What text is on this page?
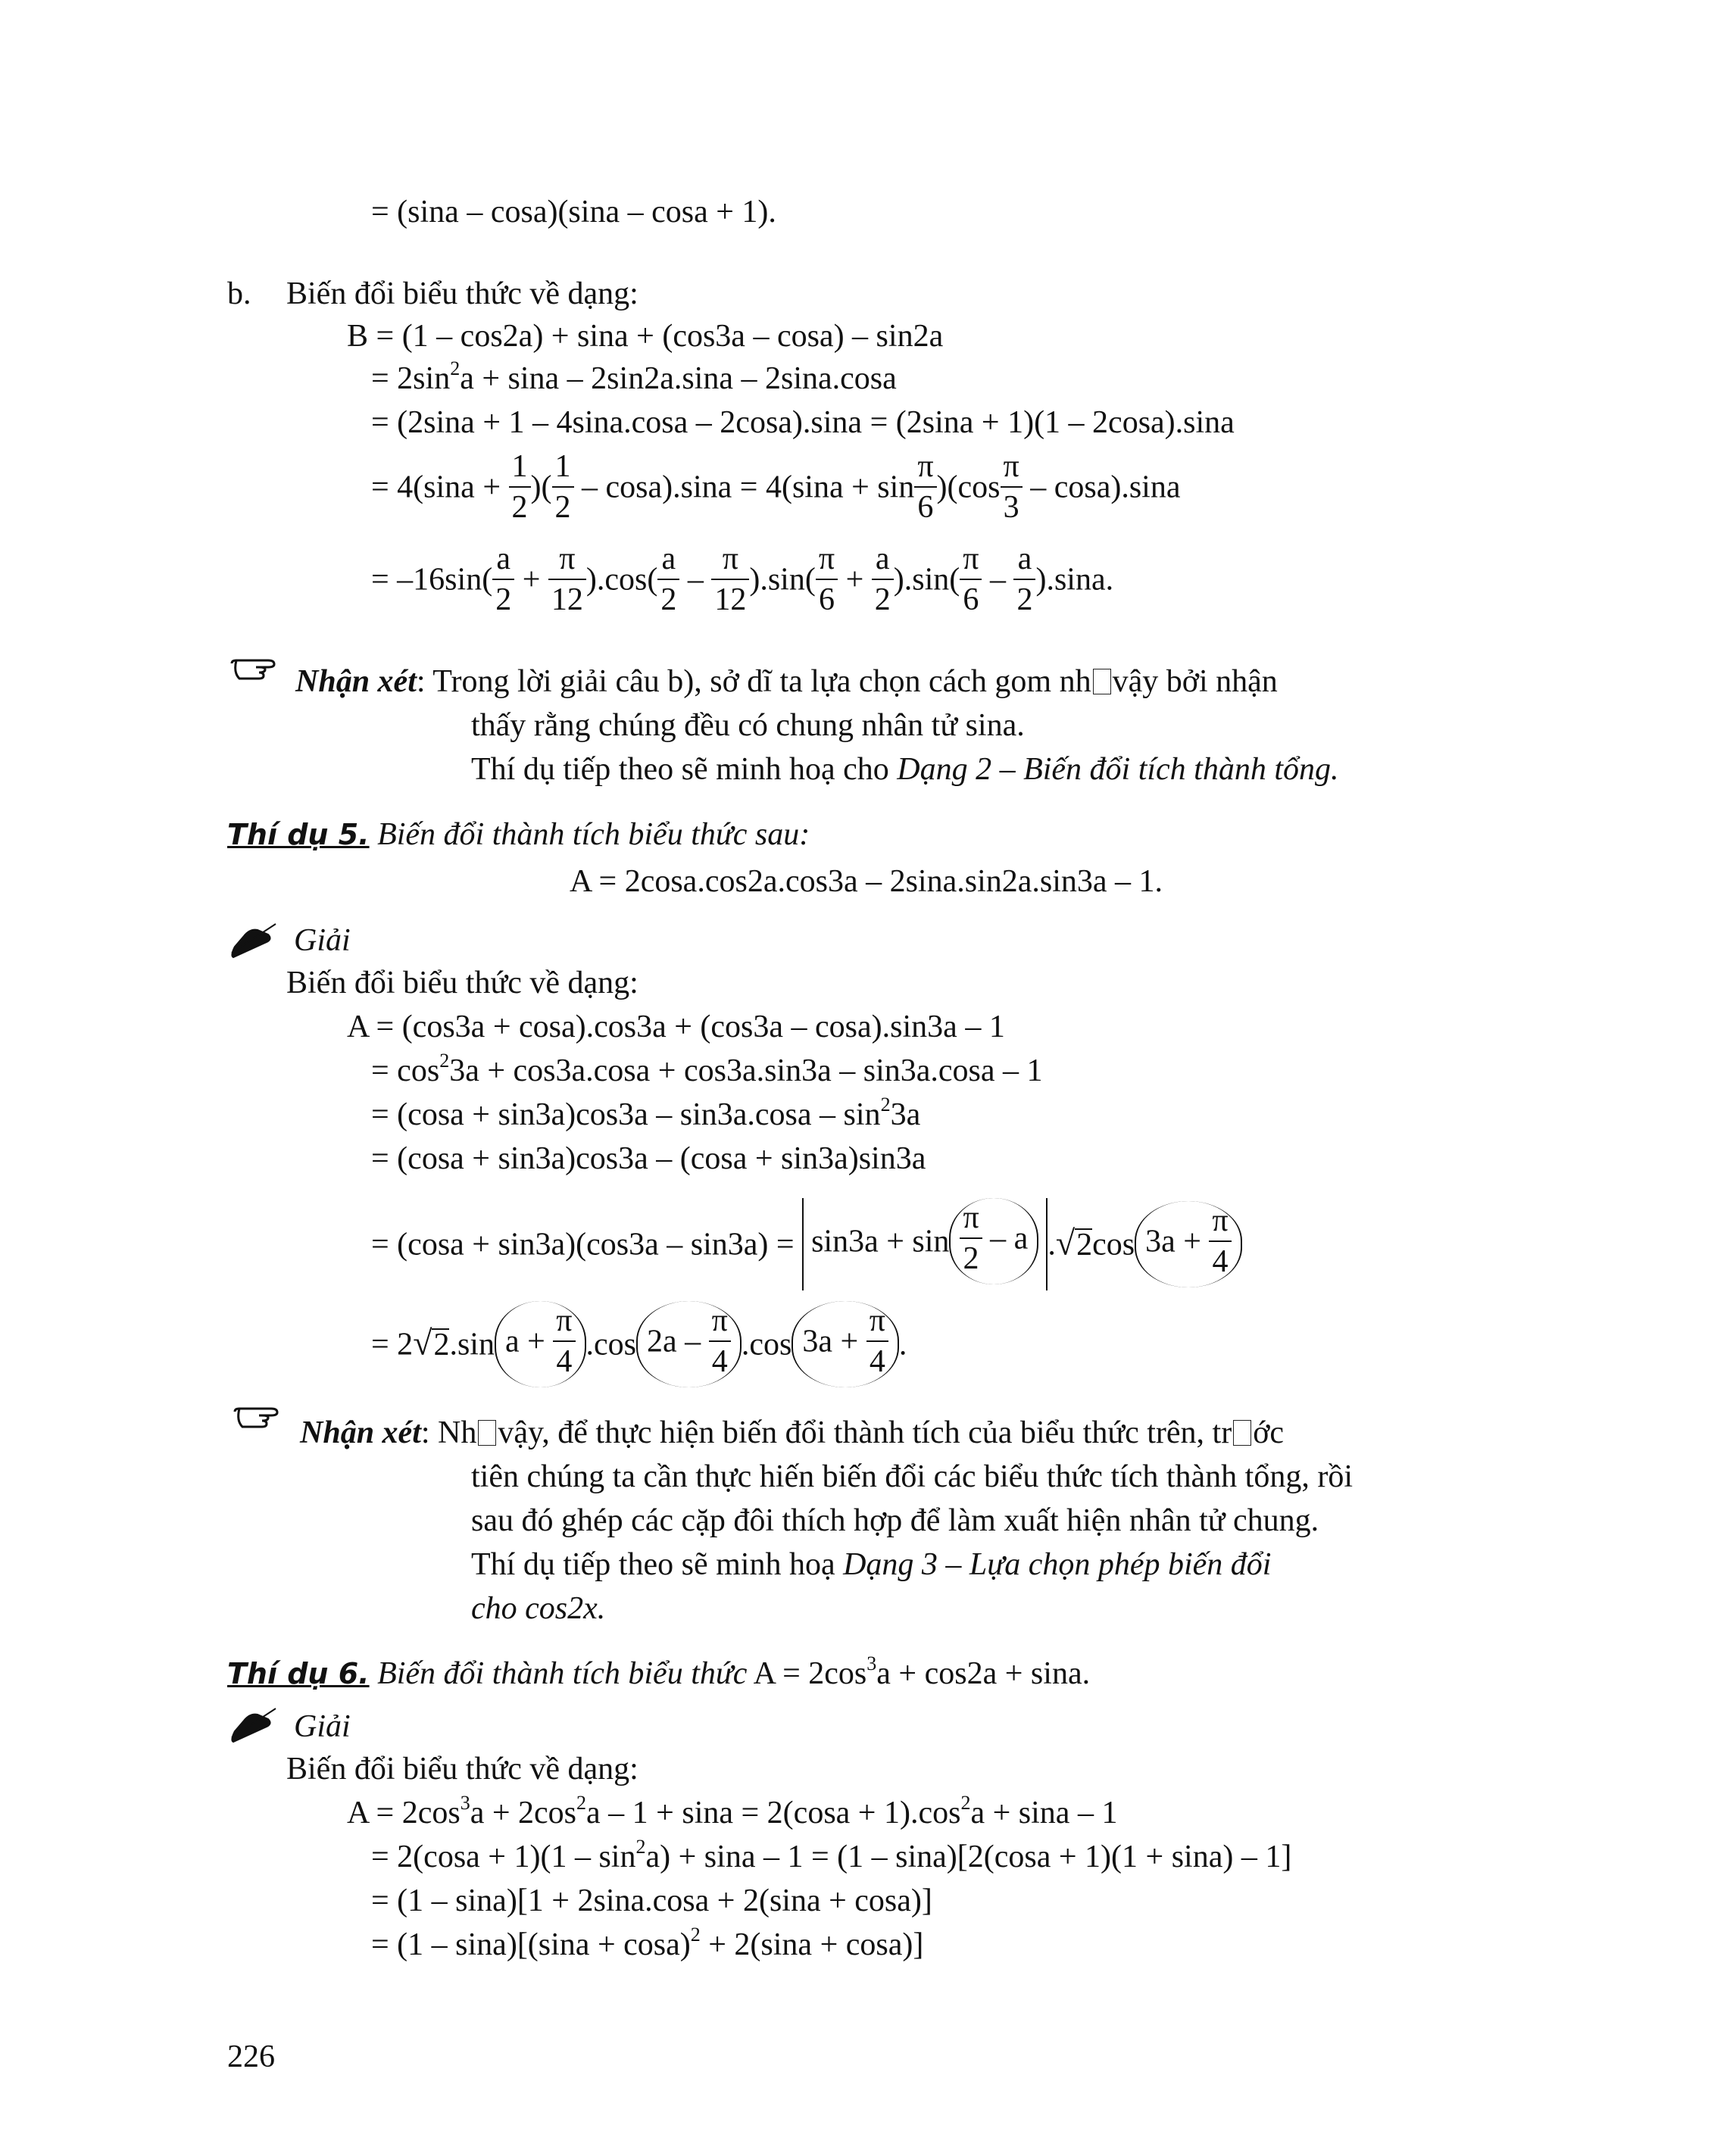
= (sina – cosa)(sina – cosa + 1).
b. Biến đổi biểu thức về dạng:
B = (1 – cos2a) + sina + (cos3a – cosa) – sin2a
= $2\sin^2a + \sin a - 2\sin 2a.\sin a - 2\sin a.\cos a$
= (2sina + 1 – 4sina.cosa – 2cosa).sina = (2sina + 1)(1 – 2cosa).sina
= $4(\sin a + \frac{1}{2}$ )( $\frac{1}{2} - \cos a).\sin a = 4(\sin a + \sin \frac{\pi}{6} )(\cos \frac{\pi}{3} - \cos a).\sin a$
= $-16\sin( \frac{a}{2} + \frac{\pi}{12} ).\cos( \frac{a}{2} - \frac{\pi}{12} ).\sin( \frac{\pi}{6} + \frac{a}{2} ).\sin( \frac{\pi}{6} - \frac{a}{2} ).\sin a$.
Nhận xét: Trong lời giải câu b), sở dĩ ta lựa chọn cách gom nh vậy bởi nhận
thấy rằng chúng đều có chung nhân tử sina.
Thí dụ tiếp theo sẽ minh hoạ cho Dạng 2 – Biến đổi tích thành tổng.
Thí dụ 5. Biến đổi thành tích biểu thức sau:
A = 2cosa.cos2a.cos3a – 2sina.sin2a.sin3a – 1.
Giải
Biến đổi biểu thức về dạng:
A = (cos3a + cosa).cos3a + (cos3a – cosa).sin3a – 1
= $\cos^23a + \cos 3a.\cos a + \cos 3a.\sin 3a - \sin 3a.\cos a - 1$
= $(\cos a + \sin 3a)\cos 3a - \sin 3a.\cos a - \sin^23a$
= (cosa + sin3a)cos3a – (cosa + sin3a)sin3a
= $(\cos a + \sin 3a)(\cos 3a - \sin 3a) = \sin 3a + \sin \frac{\pi}{2} - a$ .√2cos $3a + \frac{\pi}{4}$
= 2√2.sin $a + \frac{\pi}{4} .\cos$ $2a - \frac{\pi}{4} .\cos$ $3a + \frac{\pi}{4}$ .
Nhận xét: Nh vậy, để thực hiện biến đổi thành tích của biểu thức trên, tr ớc
tiên chúng ta cần thực hiến biến đổi các biểu thức tích thành tổng, rồi
sau đó ghép các cặp đôi thích hợp để làm xuất hiện nhân tử chung.
Thí dụ tiếp theo sẽ minh hoạ Dạng 3 – Lựa chọn phép biến đổi
cho cos2x.
Thí dụ 6. Biến đổi thành tích biểu thức $A = 2\cos^3a + \cos 2a + \sin a$.
Giải
Biến đổi biểu thức về dạng:
$A = 2\cos^3a + 2\cos^2a - 1 + \sin a = 2(\cos a + 1).\cos^2a + \sin a - 1$
= $2(\cos a + 1)(1 - \sin^2a) + \sin a - 1 = (1 - \sin a)[2(\cos a + 1)(1 + \sin a) - 1]$
= (1 – sina)[1 + 2sina.cosa + 2(sina + cosa)]
= $(1 - \sin a)[(\sin a + \cos a)^2 + 2(\sin a + \cos a)]$
226
